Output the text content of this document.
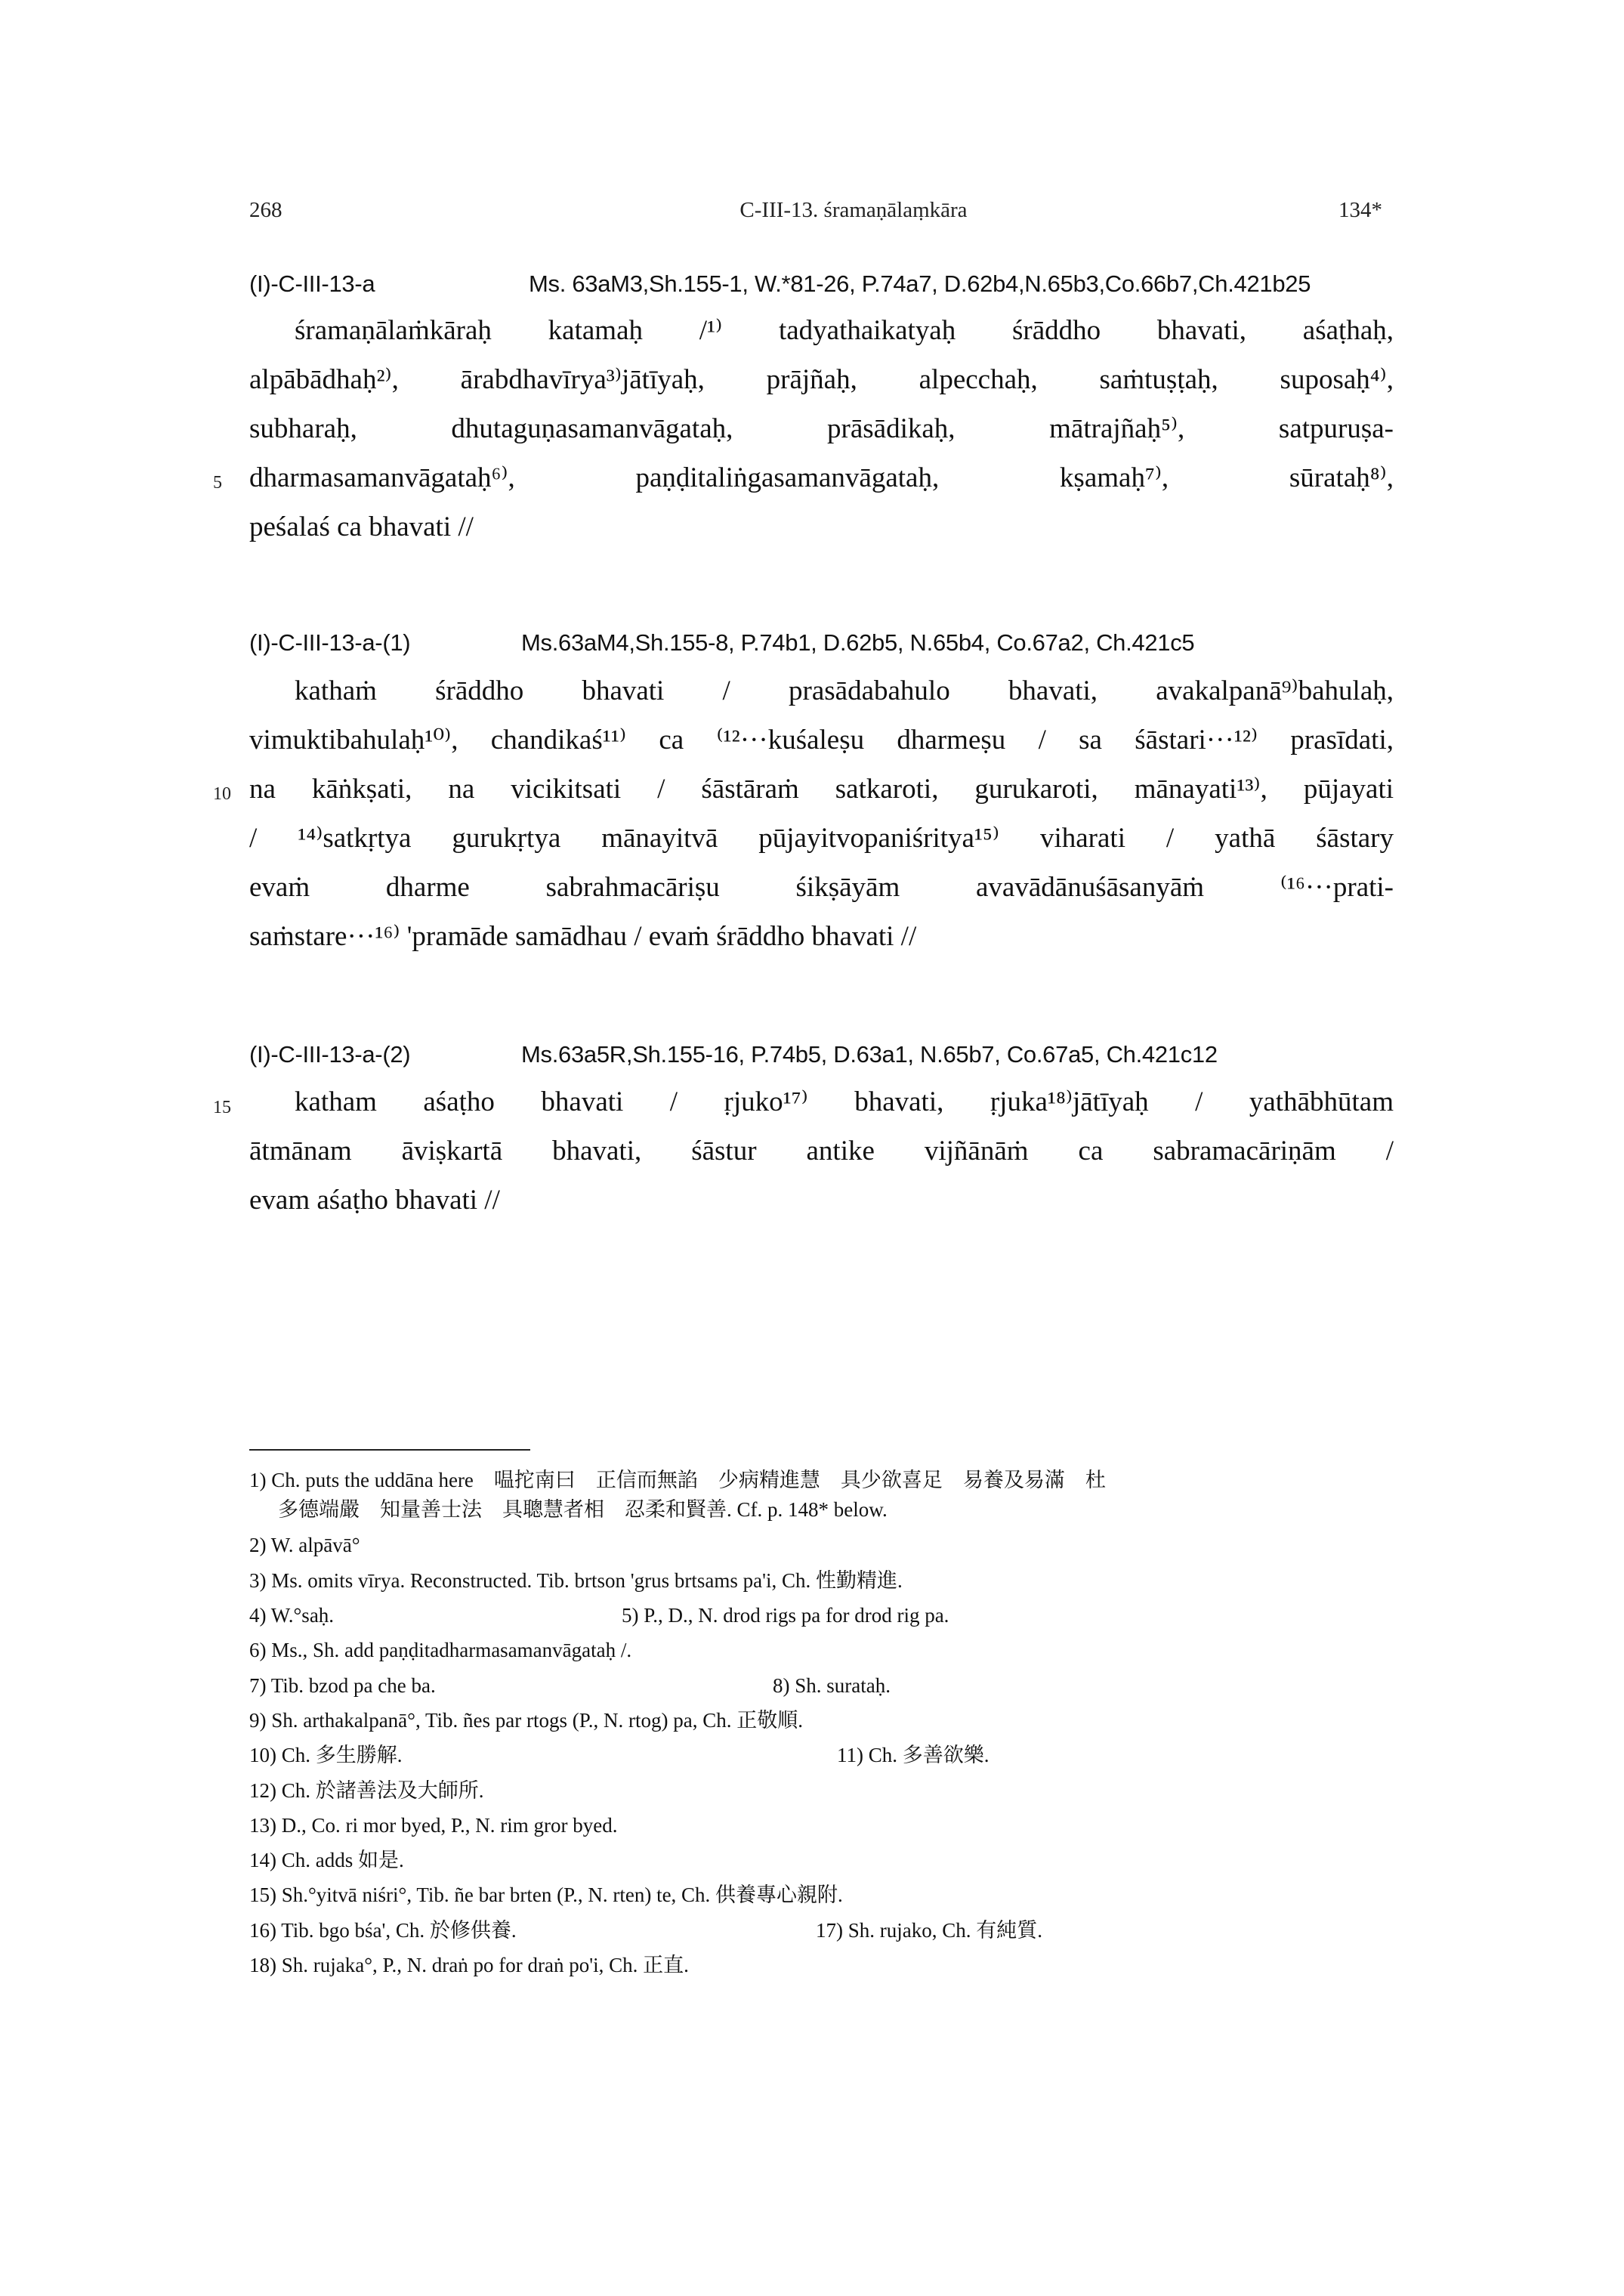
268	C-III-13. śramaṇālaṃkāra	134*
(I)-C-III-13-a	Ms. 63aM3,Sh.155-1, W.*81-26, P.74a7, D.62b4,N.65b3,Co.66b7,Ch.421b25
śramaṇālaṁkāraḥ katamaḥ /¹⁾ tadyathaikatyaḥ śrāddho bhavati, aśaṭhaḥ,
alpābādhaḥ²⁾, ārabdhavīrya³⁾jātīyaḥ, prājñaḥ, alpecchaḥ, saṁtuṣṭaḥ, suposaḥ⁴⁾,
subharaḥ, dhutaguṇasamanvāgataḥ, prāsādikaḥ, mātrajñaḥ⁵⁾, satpuruṣa-
5 dharmasamanvāgataḥ⁶⁾, paṇḍitaliṅgasamanvāgataḥ, kṣamaḥ⁷⁾, sūrataḥ⁸⁾,
peśalaś ca bhavati //
(I)-C-III-13-a-(1)	Ms.63aM4,Sh.155-8, P.74b1, D.62b5, N.65b4, Co.67a2, Ch.421c5
kathaṁ śrāddho bhavati / prasādabahulo bhavati, avakalpanā⁹⁾bahulaḥ,
vimuktibahulaḥ¹⁰⁾, chandikaś¹¹⁾ ca ⁽¹²···kuśaleṣu dharmeṣu / sa śāstari···¹²⁾ prasīdati,
10 na kāṅkṣati, na vicikitsati / śāstāraṁ satkaroti, gurukaroti, mānayati¹³⁾, pūjayati
/ ¹⁴⁾satkṛtya gurukṛtya mānayitvā pūjayitvopaniśritya¹⁵⁾ viharati / yathā śāstary
evaṁ dharme sabrahmacāriṣu śikṣāyām avavādānuśāsanyāṁ ⁽¹⁶···prati-
saṁstare···¹⁶⁾ 'pramāde samādhau / evaṁ śrāddho bhavati //
(I)-C-III-13-a-(2)	Ms.63a5R,Sh.155-16, P.74b5, D.63a1, N.65b7, Co.67a5, Ch.421c12
15 katham aśaṭho bhavati / ṛjuko¹⁷⁾ bhavati, ṛjuka¹⁸⁾jātīyaḥ / yathābhūtam
ātmānam āviṣkartā bhavati, śāstur antike vijñānāṁ ca sabramacāriṇām /
evam aśaṭho bhavati //
1) Ch. puts the uddāna here　嗢拕南曰　正信而無諂　少病精進慧　具少欲喜足　易養及易滿　杜
多德端嚴　知量善士法　具聰慧者相　忍柔和賢善. Cf. p. 148* below.
2) W. alpāvā°
3) Ms. omits vīrya. Reconstructed. Tib. brtson 'grus brtsams pa'i, Ch. 性勤精進.
4) W.°saḥ.	5) P., D., N. drod rigs pa for drod rig pa.
6) Ms., Sh. add paṇḍitadharmasamanvāgataḥ /.
7) Tib. bzod pa che ba.	8) Sh. surataḥ.
9) Sh. arthakalpanā°, Tib. ñes par rtogs (P., N. rtog) pa, Ch. 正敬順.
10) Ch. 多生勝解.	11) Ch. 多善欲樂.
12) Ch. 於諸善法及大師所.
13) D., Co. ri mor byed, P., N. rim gror byed.
14) Ch. adds 如是.
15) Sh.°yitvā niśri°, Tib. ñe bar brten (P., N. rten) te, Ch. 供養專心親附.
16) Tib. bgo bśa', Ch. 於修供養.	17) Sh. rujako, Ch. 有純質.
18) Sh. rujaka°, P., N. draṅ po for draṅ po'i, Ch. 正直.
